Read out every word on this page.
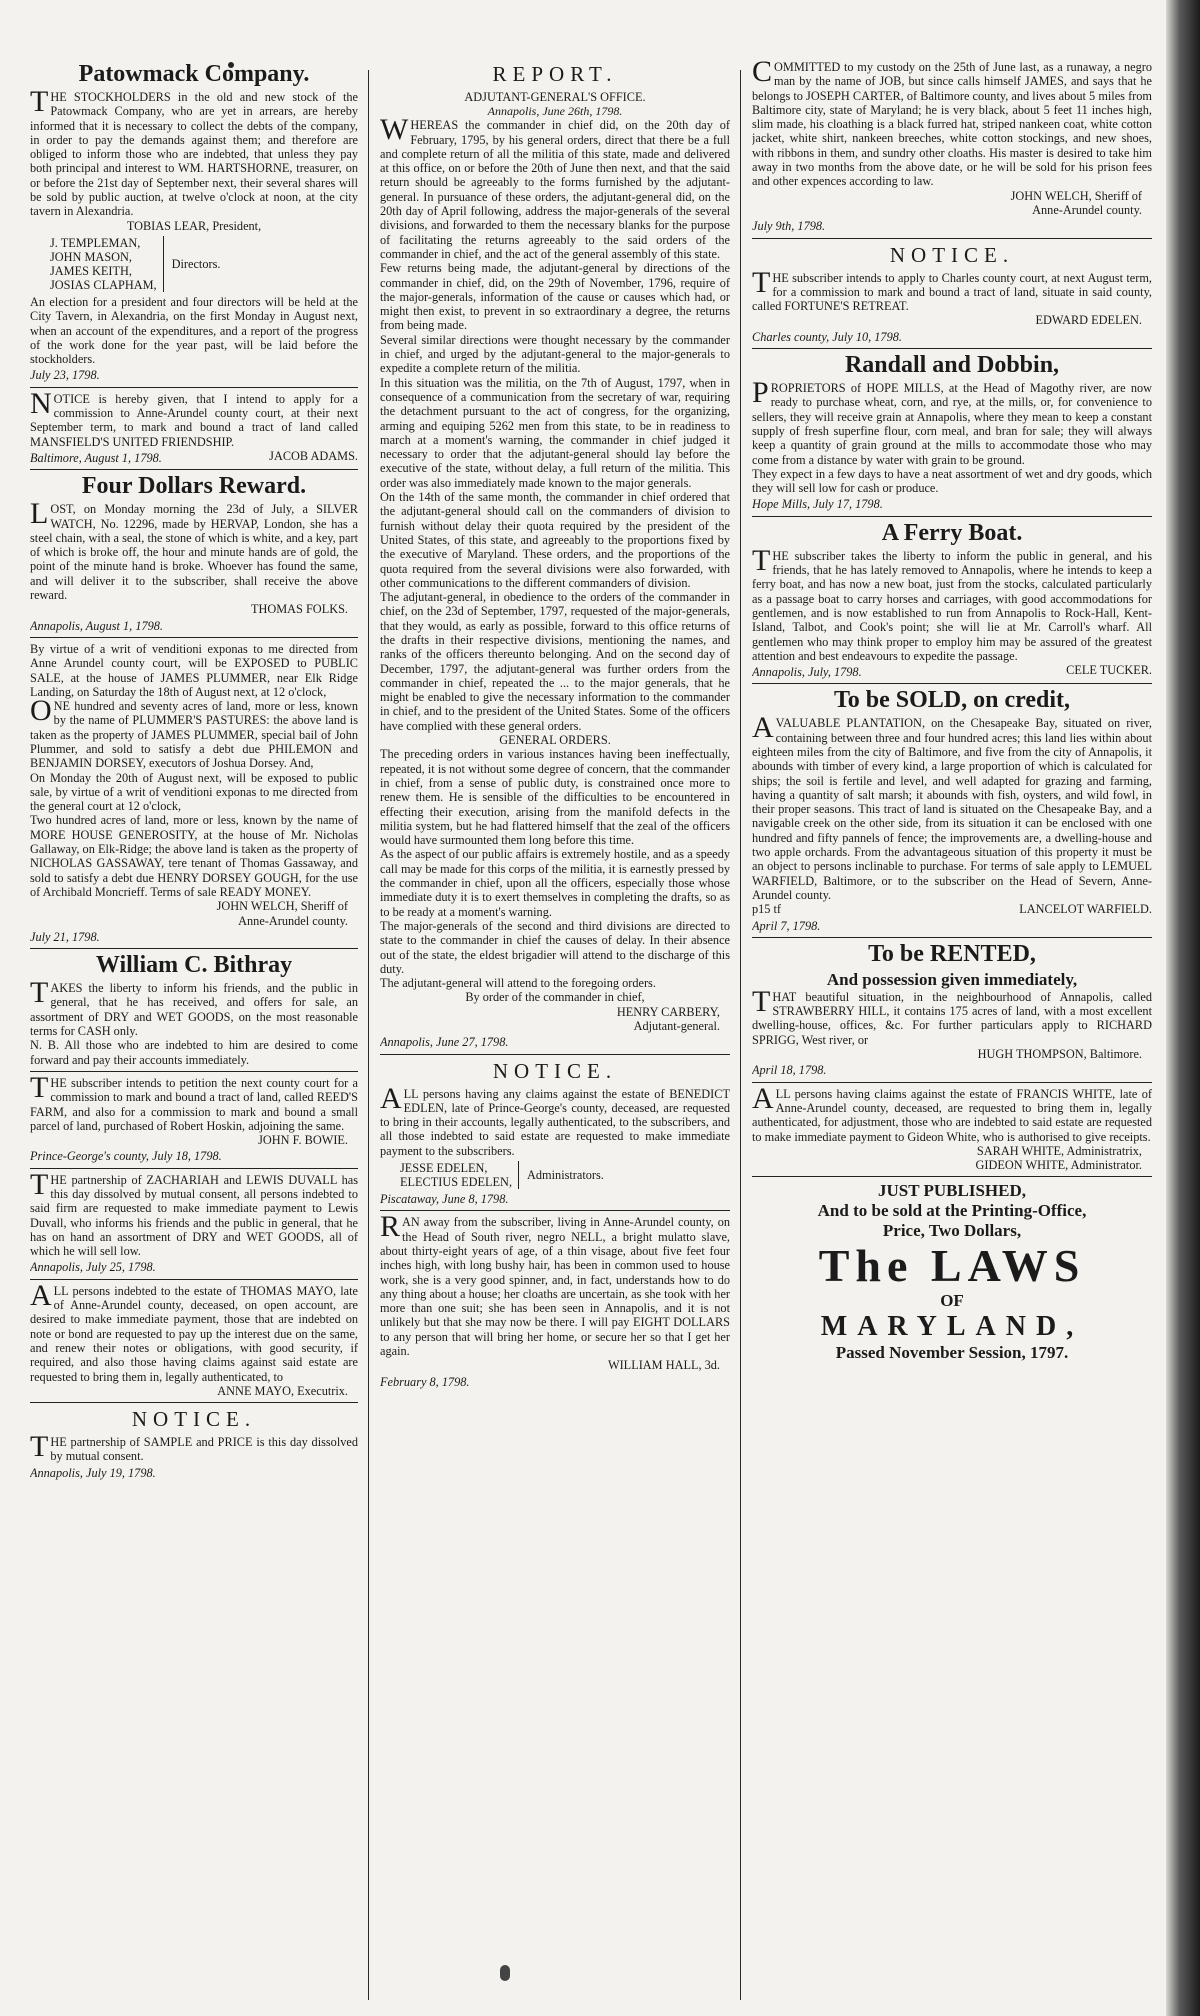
Patowmack Company.

THE STOCKHOLDERS in the old and new stock of the Patowmack Company, who are yet in arrears, are hereby informed that it is necessary to collect the debts of the company, in order to pay the demands against them; and therefore are obliged to inform those who are indebted, that unless they pay both principal and interest to WM. HARTSHORNE, treasurer, on or before the 21st day of September next, their several shares will be sold by public auction, at twelve o'clock at noon, at the city tavern in Alexandria.

TOBIAS LEAR, President,
J. TEMPLEMAN,
JOHN MASON,
JAMES KEITH,
JOSIAS CLAPHAM,
Directors.

An election for a president and four directors will be held at the City Tavern, in Alexandria, on the first Monday in August next, when an account of the expenditures, and a report of the progress of the work done for the year past, will be laid before the stockholders.

July 23, 1798.

NOTICE is hereby given, that I intend to apply for a commission to Anne-Arundel county court, at their next September term, to mark and bound a tract of land called MANSFIELD'S UNITED FRIENDSHIP.

Baltimore, August 1, 1798.	JACOB ADAMS.
Four Dollars Reward.

LOST, on Monday morning the 23d of July, a SILVER WATCH, No. 12296, made by HERVAP, London, she has a steel chain, with a seal, the stone of which is white, and a key, part of which is broke off, the hour and minute hands are of gold, the point of the minute hand is broke. Whoever has found the same, and will deliver it to the subscriber, shall receive the above reward.

THOMAS FOLKS.
Annapolis, August 1, 1798.

By virtue of a writ of venditioni exponas to me directed from Anne Arundel county court, will be EXPOSED to PUBLIC SALE, at the house of JAMES PLUMMER, near Elk Ridge Landing, on Saturday the 18th of August next, at 12 o'clock,

ONE hundred and seventy acres of land, more or less, known by the name of PLUMMER'S PASTURES: the above land is taken as the property of JAMES PLUMMER, special bail of John Plummer, and sold to satisfy a debt due PHILEMON and BENJAMIN DORSEY, executors of Joshua Dorsey. And,

On Monday the 20th of August next, will be exposed to public sale, by virtue of a writ of venditioni exponas to me directed from the general court at 12 o'clock,

Two hundred acres of land, more or less, known by the name of MORE HOUSE GENEROSITY, at the house of Mr. Nicholas Gallaway, on Elk-Ridge; the above land is taken as the property of NICHOLAS GASSAWAY, tere tenant of Thomas Gassaway, and sold to satisfy a debt due HENRY DORSEY GOUGH, for the use of Archibald Moncrieff. Terms of sale READY MONEY.

JOHN WELCH, Sheriff of
Anne-Arundel county.
July 21, 1798.
William C. Bithray

TAKES the liberty to inform his friends, and the public in general, that he has received, and offers for sale, an assortment of DRY and WET GOODS, on the most reasonable terms for CASH only.

N. B. All those who are indebted to him are desired to come forward and pay their accounts immediately.

THE subscriber intends to petition the next county court for a commission to mark and bound a tract of land, called REED'S FARM, and also for a commission to mark and bound a small parcel of land, purchased of Robert Hoskin, adjoining the same.

JOHN F. BOWIE.
Prince-George's county, July 18, 1798.

THE partnership of ZACHARIAH and LEWIS DUVALL has this day dissolved by mutual consent, all persons indebted to said firm are requested to make immediate payment to Lewis Duvall, who informs his friends and the public in general, that he has on hand an assortment of DRY and WET GOODS, all of which he will sell low.

Annapolis, July 25, 1798.

ALL persons indebted to the estate of THOMAS MAYO, late of Anne-Arundel county, deceased, on open account, are desired to make immediate payment, those that are indebted on note or bond are requested to pay up the interest due on the same, and renew their notes or obligations, with good security, if required, and also those having claims against said estate are requested to bring them in, legally authenticated, to

ANNE MAYO, Executrix.
NOTICE.

THE partnership of SAMPLE and PRICE is this day dissolved by mutual consent.

Annapolis, July 19, 1798.
REPORT.
ADJUTANT-GENERAL'S OFFICE.
Annapolis, June 26th, 1798.

WHEREAS the commander in chief did, on the 20th day of February, 1795, by his general orders, direct that there be a full and complete return of all the militia of this state, made and delivered at this office, on or before the 20th of June then next, and that the said return should be agreeably to the forms furnished by the adjutant-general. In pursuance of these orders, the adjutant-general did, on the 20th day of April following, address the major-generals of the several divisions, and forwarded to them the necessary blanks for the purpose of facilitating the returns agreeably to the said orders of the commander in chief, and the act of the general assembly of this state.

Few returns being made, the adjutant-general by directions of the commander in chief, did, on the 29th of November, 1796, require of the major-generals, information of the cause or causes which had, or might then exist, to prevent in so extraordinary a degree, the returns from being made.

Several similar directions were thought necessary by the commander in chief, and urged by the adjutant-general to the major-generals to expedite a complete return of the militia.

In this situation was the militia, on the 7th of August, 1797, when in consequence of a communication from the secretary of war, requiring the detachment pursuant to the act of congress, for the organizing, arming and equiping 5262 men from this state, to be in readiness to march at a moment's warning, the commander in chief judged it necessary to order that the adjutant-general should lay before the executive of the state, without delay, a full return of the militia. This order was also immediately made known to the major generals.

On the 14th of the same month, the commander in chief ordered that the adjutant-general should call on the commanders of division to furnish without delay their quota required by the president of the United States, of this state, and agreeably to the proportions fixed by the executive of Maryland. These orders, and the proportions of the quota required from the several divisions were also forwarded, with other communications to the different commanders of division.

The adjutant-general, in obedience to the orders of the commander in chief, on the 23d of September, 1797, requested of the major-generals, that they would, as early as possible, forward to this office returns of the drafts in their respective divisions, mentioning the names, and ranks of the officers thereunto belonging. And on the second day of December, 1797, the adjutant-general was further orders from the commander in chief, repeated the ... to the major generals, that he might be enabled to give the necessary information to the commander in chief, and to the president of the United States. Some of the officers have complied with these general orders.

GENERAL ORDERS.

The preceding orders in various instances having been ineffectually, repeated, it is not without some degree of concern, that the commander in chief, from a sense of public duty, is constrained once more to renew them. He is sensible of the difficulties to be encountered in effecting their execution, arising from the manifold defects in the militia system, but he had flattered himself that the zeal of the officers would have surmounted them long before this time.

As the aspect of our public affairs is extremely hostile, and as a speedy call may be made for this corps of the militia, it is earnestly pressed by the commander in chief, upon all the officers, especially those whose immediate duty it is to exert themselves in completing the drafts, so as to be ready at a moment's warning.

The major-generals of the second and third divisions are directed to state to the commander in chief the causes of delay. In their absence out of the state, the eldest brigadier will attend to the discharge of this duty.

The adjutant-general will attend to the foregoing orders.

By order of the commander in chief,
HENRY CARBERY,
Adjutant-general.
Annapolis, June 27, 1798.
NOTICE.

ALL persons having any claims against the estate of BENEDICT EDLEN, late of Prince-George's county, deceased, are requested to bring in their accounts, legally authenticated, to the subscribers, and all those indebted to said estate are requested to make immediate payment to the subscribers.

JESSE EDELEN,
ELECTIUS EDELEN,	Administrators.
Piscataway, June 8, 1798.

RAN away from the subscriber, living in Anne-Arundel county, on the Head of South river, negro NELL, a bright mulatto slave, about thirty-eight years of age, of a thin visage, about five feet four inches high, with long bushy hair, has been in common used to house work, she is a very good spinner, and, in fact, understands how to do any thing about a house; her cloaths are uncertain, as she took with her more than one suit; she has been seen in Annapolis, and it is not unlikely but that she may now be there. I will pay EIGHT DOLLARS to any person that will bring her home, or secure her so that I get her again.

WILLIAM HALL, 3d.
February 8, 1798.

COMMITTED to my custody on the 25th of June last, as a runaway, a negro man by the name of JOB, but since calls himself JAMES, and says that he belongs to JOSEPH CARTER, of Baltimore county, and lives about 5 miles from Baltimore city, state of Maryland; he is very black, about 5 feet 11 inches high, slim made, his cloathing is a black furred hat, striped nankeen coat, white cotton jacket, white shirt, nankeen breeches, white cotton stockings, and new shoes, with ribbons in them, and sundry other cloaths. His master is desired to take him away in two months from the above date, or he will be sold for his prison fees and other expences according to law.

JOHN WELCH, Sheriff of
Anne-Arundel county.
July 9th, 1798.
NOTICE.

THE subscriber intends to apply to Charles county court, at next August term, for a commission to mark and bound a tract of land, situate in said county, called FORTUNE'S RETREAT.

EDWARD EDELEN.
Charles county, July 10, 1798.
Randall and Dobbin,

PROPRIETORS of HOPE MILLS, at the Head of Magothy river, are now ready to purchase wheat, corn, and rye, at the mills, or, for convenience to sellers, they will receive grain at Annapolis, where they mean to keep a constant supply of fresh superfine flour, corn meal, and bran for sale; they will always keep a quantity of grain ground at the mills to accommodate those who may come from a distance by water with grain to be ground.

They expect in a few days to have a neat assortment of wet and dry goods, which they will sell low for cash or produce.

Hope Mills, July 17, 1798.
A Ferry Boat.

THE subscriber takes the liberty to inform the public in general, and his friends, that he has lately removed to Annapolis, where he intends to keep a ferry boat, and has now a new boat, just from the stocks, calculated particularly as a passage boat to carry horses and carriages, with good accommodations for gentlemen, and is now established to run from Annapolis to Rock-Hall, Kent-Island, Talbot, and Cook's point; she will lie at Mr. Carroll's wharf. All gentlemen who may think proper to employ him may be assured of the greatest attention and best endeavours to expedite the passage.

Annapolis, July, 1798.	CELE TUCKER.
To be SOLD, on credit,

AVALUABLE PLANTATION, on the Chesapeake Bay, situated on river, containing between three and four hundred acres; this land lies within about eighteen miles from the city of Baltimore, and five from the city of Annapolis, it abounds with timber of every kind, a large proportion of which is calculated for ships; the soil is fertile and level, and well adapted for grazing and farming, having a quantity of salt marsh; it abounds with fish, oysters, and wild fowl, in their proper seasons. This tract of land is situated on the Chesapeake Bay, and a navigable creek on the other side, from its situation it can be enclosed with one hundred and fifty pannels of fence; the improvements are, a dwelling-house and two apple orchards. From the advantageous situation of this property it must be an object to persons inclinable to purchase. For terms of sale apply to LEMUEL WARFIELD, Baltimore, or to the subscriber on the Head of Severn, Anne-Arundel county.

p15 tf	LANCELOT WARFIELD.
April 7, 1798.
To be RENTED,
And possession given immediately,

THAT beautiful situation, in the neighbourhood of Annapolis, called STRAWBERRY HILL, it contains 175 acres of land, with a most excellent dwelling-house, offices, &c. For further particulars apply to RICHARD SPRIGG, West river, or

HUGH THOMPSON, Baltimore.
April 18, 1798.

ALL persons having claims against the estate of FRANCIS WHITE, late of Anne-Arundel county, deceased, are requested to bring them in, legally authenticated, for adjustment, those who are indebted to said estate are requested to make immediate payment to Gideon White, who is authorised to give receipts.

SARAH WHITE, Administratrix,
GIDEON WHITE, Administrator.
JUST PUBLISHED,
And to be sold at the Printing-Office,
Price, Two Dollars,
The LAWS
OF
MARYLAND,
Passed November Session, 1797.
